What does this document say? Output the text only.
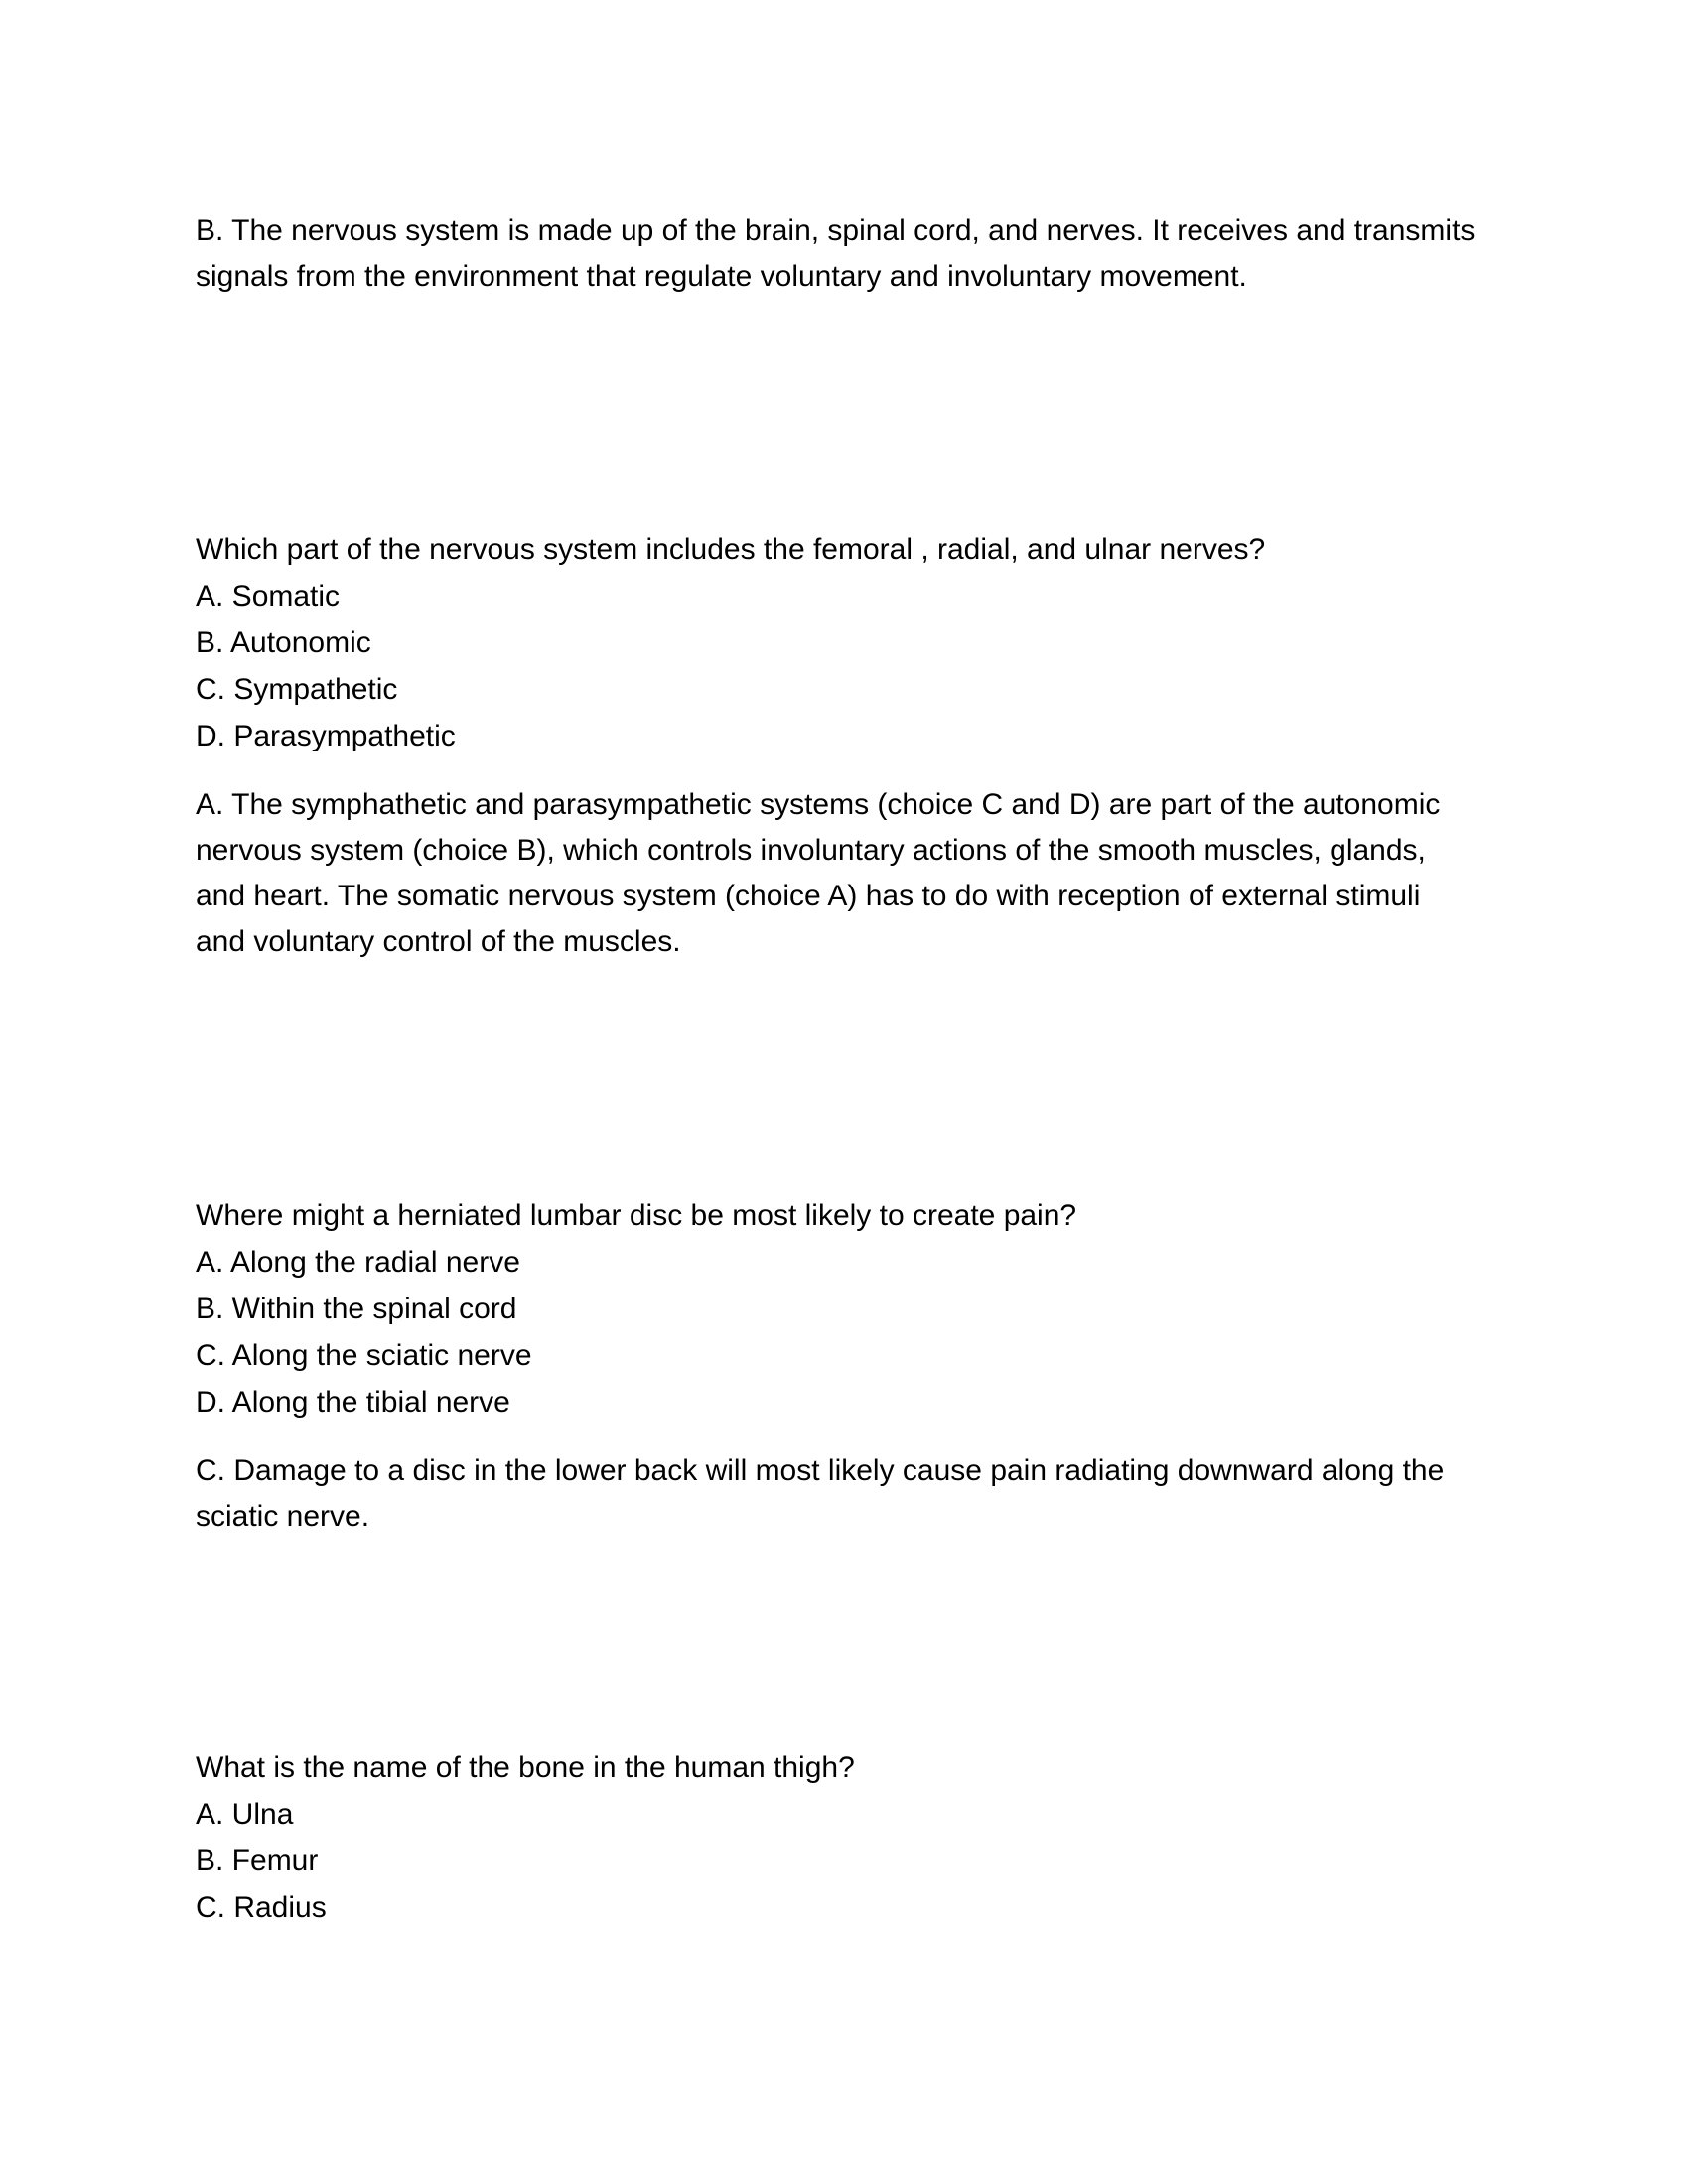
B. The nervous system is made up of the brain, spinal cord, and nerves. It receives and transmits
signals from the environment that regulate voluntary and involuntary movement.
Which part of the nervous system includes the femoral , radial, and ulnar nerves?
A. Somatic
B. Autonomic
C. Sympathetic
D. Parasympathetic
A. The symphathetic and parasympathetic systems (choice C and D) are part of the autonomic
nervous system (choice B), which controls involuntary actions of the smooth muscles, glands,
and heart. The somatic nervous system (choice A) has to do with reception of external stimuli
and voluntary control of the muscles.
Where might a herniated lumbar disc be most likely to create pain?
A. Along the radial nerve
B. Within the spinal cord
C. Along the sciatic nerve
D. Along the tibial nerve
C. Damage to a disc in the lower back will most likely cause pain radiating downward along the
sciatic nerve.
What is the name of the bone in the human thigh?
A. Ulna
B. Femur
C. Radius
